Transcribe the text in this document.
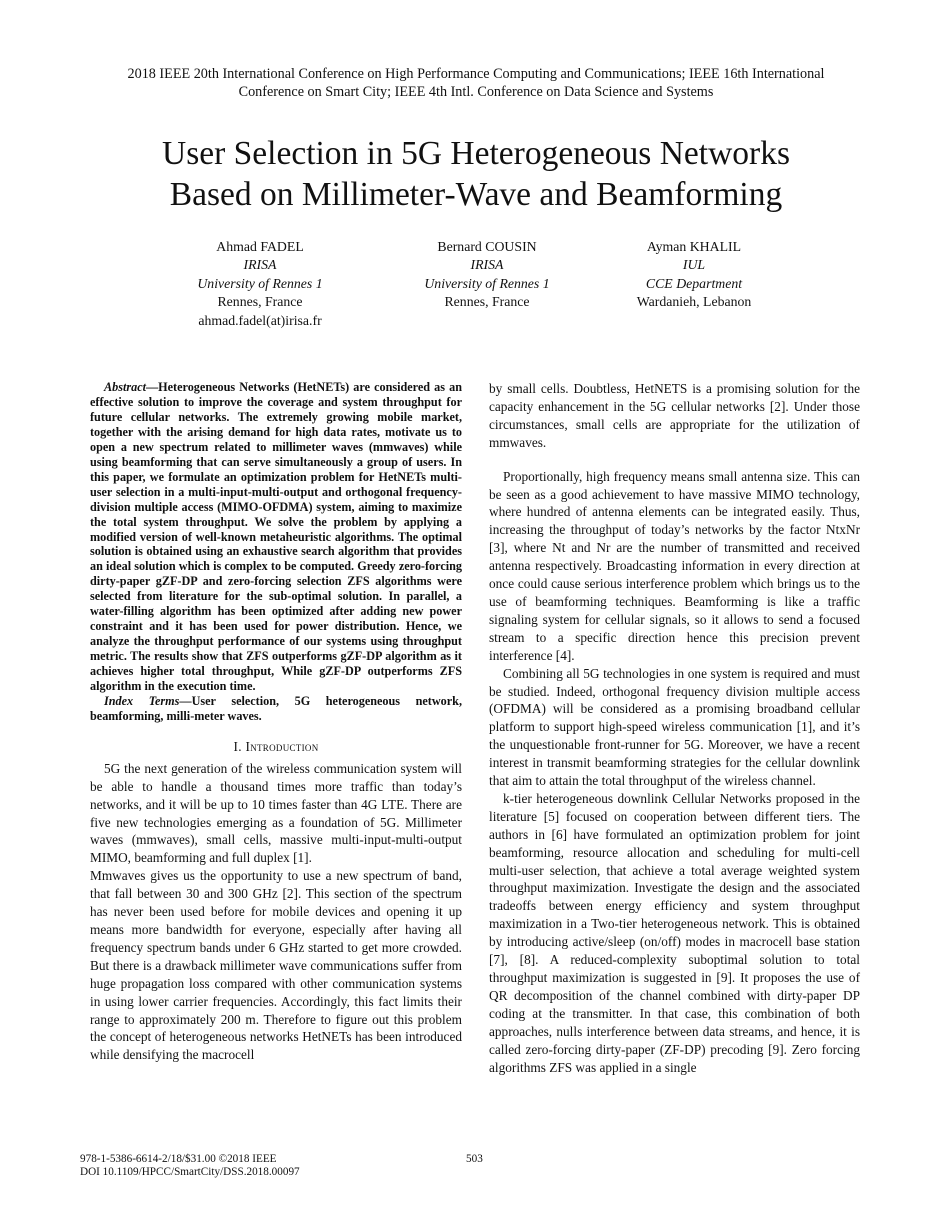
2018 IEEE 20th International Conference on High Performance Computing and Communications; IEEE 16th International
Conference on Smart City; IEEE 4th Intl. Conference on Data Science and Systems
User Selection in 5G Heterogeneous Networks
Based on Millimeter-Wave and Beamforming
Ahmad FADEL
IRISA
University of Rennes 1
Rennes, France
ahmad.fadel(at)irisa.fr
Bernard COUSIN
IRISA
University of Rennes 1
Rennes, France
Ayman KHALIL
IUL
CCE Department
Wardanieh, Lebanon

Abstract—Heterogeneous Networks (HetNETs) are considered as an effective solution to improve the coverage and system throughput for future cellular networks. The extremely growing mobile market, together with the arising demand for high data rates, motivate us to open a new spectrum related to millimeter waves (mmwaves) while using beamforming that can serve simultaneously a group of users. In this paper, we formulate an optimization problem for HetNETs multi-user selection in a multi-input-multi-output and orthogonal frequency-division multiple access (MIMO-OFDMA) system, aiming to maximize the total system throughput. We solve the problem by applying a modified version of well-known metaheuristic algorithms. The optimal solution is obtained using an exhaustive search algorithm that provides an ideal solution which is complex to be computed. Greedy zero-forcing dirty-paper gZF-DP and zero-forcing selection ZFS algorithms were selected from literature for the sub-optimal solution. In parallel, a water-filling algorithm has been optimized after adding new power constraint and it has been used for power distribution. Hence, we analyze the throughput performance of our systems using throughput metric. The results show that ZFS outperforms gZF-DP algorithm as it achieves higher total throughput, While gZF-DP outperforms ZFS algorithm in the execution time.

Index Terms—User selection, 5G heterogeneous network, beamforming, milli-meter waves.

I. Introduction

5G the next generation of the wireless communication system will be able to handle a thousand times more traffic than today’s networks, and it will be up to 10 times faster than 4G LTE. There are five new technologies emerging as a foundation of 5G. Millimeter waves (mmwaves), small cells, massive multi-input-multi-output MIMO, beamforming and full duplex [1].

Mmwaves gives us the opportunity to use a new spectrum of band, that fall between 30 and 300 GHz [2]. This section of the spectrum has never been used before for mobile devices and opening it up means more bandwidth for everyone, especially after having all frequency spectrum bands under 6 GHz started to get more crowded. But there is a drawback millimeter wave communications suffer from huge propagation loss compared with other communication systems in using lower carrier frequencies. Accordingly, this fact limits their range to approximately 200 m. Therefore to figure out this problem the concept of heterogeneous networks HetNETs has been introduced while densifying the macrocell

by small cells. Doubtless, HetNETS is a promising solution for the capacity enhancement in the 5G cellular networks [2]. Under those circumstances, small cells are appropriate for the utilization of mmwaves.

Proportionally, high frequency means small antenna size. This can be seen as a good achievement to have massive MIMO technology, where hundred of antenna elements can be integrated easily. Thus, increasing the throughput of today’s networks by the factor NtxNr [3], where Nt and Nr are the number of transmitted and received antenna respectively. Broadcasting information in every direction at once could cause serious interference problem which brings us to the use of beamforming techniques. Beamforming is like a traffic signaling system for cellular signals, so it allows to send a focused stream to a specific direction hence this precision prevent interference [4].

Combining all 5G technologies in one system is required and must be studied. Indeed, orthogonal frequency division multiple access (OFDMA) will be considered as a promising broadband cellular platform to support high-speed wireless communication [1], and it’s the unquestionable front-runner for 5G. Moreover, we have a recent interest in transmit beamforming strategies for the cellular downlink that aim to attain the total throughput of the wireless channel.

k-tier heterogeneous downlink Cellular Networks proposed in the literature [5] focused on cooperation between different tiers. The authors in [6] have formulated an optimization problem for joint beamforming, resource allocation and scheduling for multi-cell multi-user selection, that achieve a total average weighted system throughput maximization. Investigate the design and the associated tradeoffs between energy efficiency and system throughput maximization in a Two-tier heterogeneous network. This is obtained by introducing active/sleep (on/off) modes in macrocell base station [7], [8]. A reduced-complexity suboptimal solution to total throughput maximization is suggested in [9]. It proposes the use of QR decomposition of the channel combined with dirty-paper DP coding at the transmitter. In that case, this combination of both approaches, nulls interference between data streams, and hence, it is called zero-forcing dirty-paper (ZF-DP) precoding [9]. Zero forcing algorithms ZFS was applied in a single

978-1-5386-6614-2/18/$31.00 ©2018 IEEE
DOI 10.1109/HPCC/SmartCity/DSS.2018.00097
503
